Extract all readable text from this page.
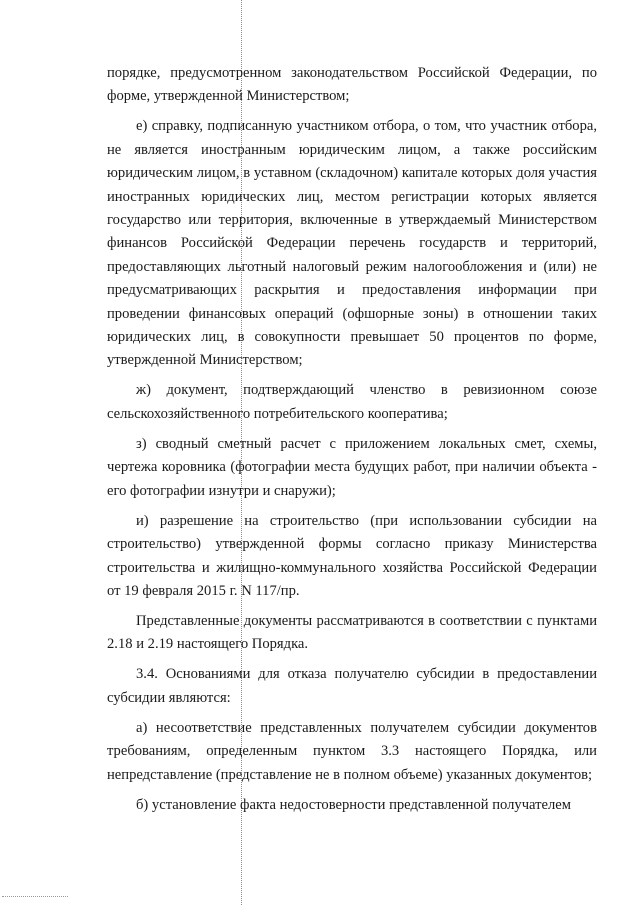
порядке, предусмотренном законодательством Российской Федерации, по форме, утвержденной Министерством;

е) справку, подписанную участником отбора, о том, что участник отбора, не является иностранным юридическим лицом, а также российским юридическим лицом, в уставном (складочном) капитале которых доля участия иностранных юридических лиц, местом регистрации которых является государство или территория, включенные в утверждаемый Министерством финансов Российской Федерации перечень государств и территорий, предоставляющих льготный налоговый режим налогообложения и (или) не предусматривающих раскрытия и предоставления информации при проведении финансовых операций (офшорные зоны) в отношении таких юридических лиц, в совокупности превышает 50 процентов по форме, утвержденной Министерством;

ж) документ, подтверждающий членство в ревизионном союзе сельскохозяйственного потребительского кооператива;

з) сводный сметный расчет с приложением локальных смет, схемы, чертежа коровника (фотографии места будущих работ, при наличии объекта - его фотографии изнутри и снаружи);

и) разрешение на строительство (при использовании субсидии на строительство) утвержденной формы согласно приказу Министерства строительства и жилищно-коммунального хозяйства Российской Федерации от 19 февраля 2015 г. N 117/пр.

Представленные документы рассматриваются в соответствии с пунктами 2.18 и 2.19 настоящего Порядка.

3.4. Основаниями для отказа получателю субсидии в предоставлении субсидии являются:

а) несоответствие представленных получателем субсидии документов требованиям, определенным пунктом 3.3 настоящего Порядка, или непредставление (представление не в полном объеме) указанных документов;

б) установление факта недостоверности представленной получателем
